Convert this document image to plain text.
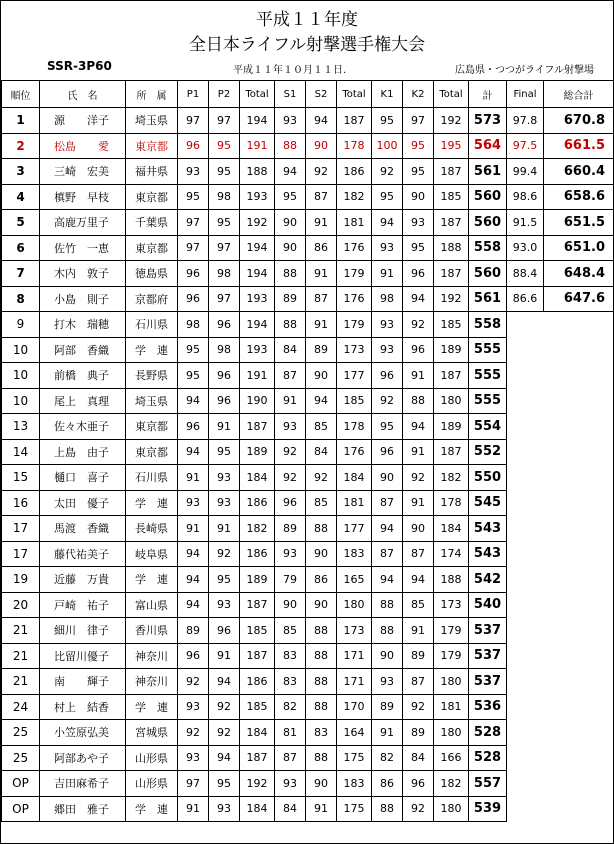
平成１１年度
全日本ライフル射撃選手権大会
SSR-3P60	平成１１年１０月１１日.	広島県・つつがライフル射撃場
順位	氏　名	所　属	P1	P2	Total	S1	S2	Total	K1	K2	Total	計	Final	総合計
1	源　　洋子	埼玉県	97	97	194	93	94	187	95	97	192	573	97.8	670.8
2	松島　　愛	東京都	96	95	191	88	90	178	100	95	195	564	97.5	661.5
3	三崎　宏美	福井県	93	95	188	94	92	186	92	95	187	561	99.4	660.4
4	槙野　早枝	東京都	95	98	193	95	87	182	95	90	185	560	98.6	658.6
5	高鹿万里子	千葉県	97	95	192	90	91	181	94	93	187	560	91.5	651.5
6	佐竹　一恵	東京都	97	97	194	90	86	176	93	95	188	558	93.0	651.0
7	木内　敦子	徳島県	96	98	194	88	91	179	91	96	187	560	88.4	648.4
8	小島　則子	京都府	96	97	193	89	87	176	98	94	192	561	86.6	647.6
9	打木　瑞穂	石川県	98	96	194	88	91	179	93	92	185	558		
10	阿部　香織	学　連	95	98	193	84	89	173	93	96	189	555		
10	前橋　典子	長野県	95	96	191	87	90	177	96	91	187	555		
10	尾上　真理	埼玉県	94	96	190	91	94	185	92	88	180	555		
13	佐々木亜子	東京都	96	91	187	93	85	178	95	94	189	554		
14	上島　由子	東京都	94	95	189	92	84	176	96	91	187	552		
15	樋口　喜子	石川県	91	93	184	92	92	184	90	92	182	550		
16	太田　優子	学　連	93	93	186	96	85	181	87	91	178	545		
17	馬渡　香織	長崎県	91	91	182	89	88	177	94	90	184	543		
17	藤代祐美子	岐阜県	94	92	186	93	90	183	87	87	174	543		
19	近藤　万貴	学　連	94	95	189	79	86	165	94	94	188	542		
20	戸崎　祐子	富山県	94	93	187	90	90	180	88	85	173	540		
21	細川　律子	香川県	89	96	185	85	88	173	88	91	179	537		
21	比留川優子	神奈川	96	91	187	83	88	171	90	89	179	537		
21	南　　輝子	神奈川	92	94	186	83	88	171	93	87	180	537		
24	村上　結香	学　連	93	92	185	82	88	170	89	92	181	536		
25	小笠原弘美	宮城県	92	92	184	81	83	164	91	89	180	528		
25	阿部あや子	山形県	93	94	187	87	88	175	82	84	166	528		
OP	吉田麻希子	山形県	97	95	192	93	90	183	86	96	182	557		
OP	郷田　雅子	学　連	91	93	184	84	91	175	88	92	180	539		
